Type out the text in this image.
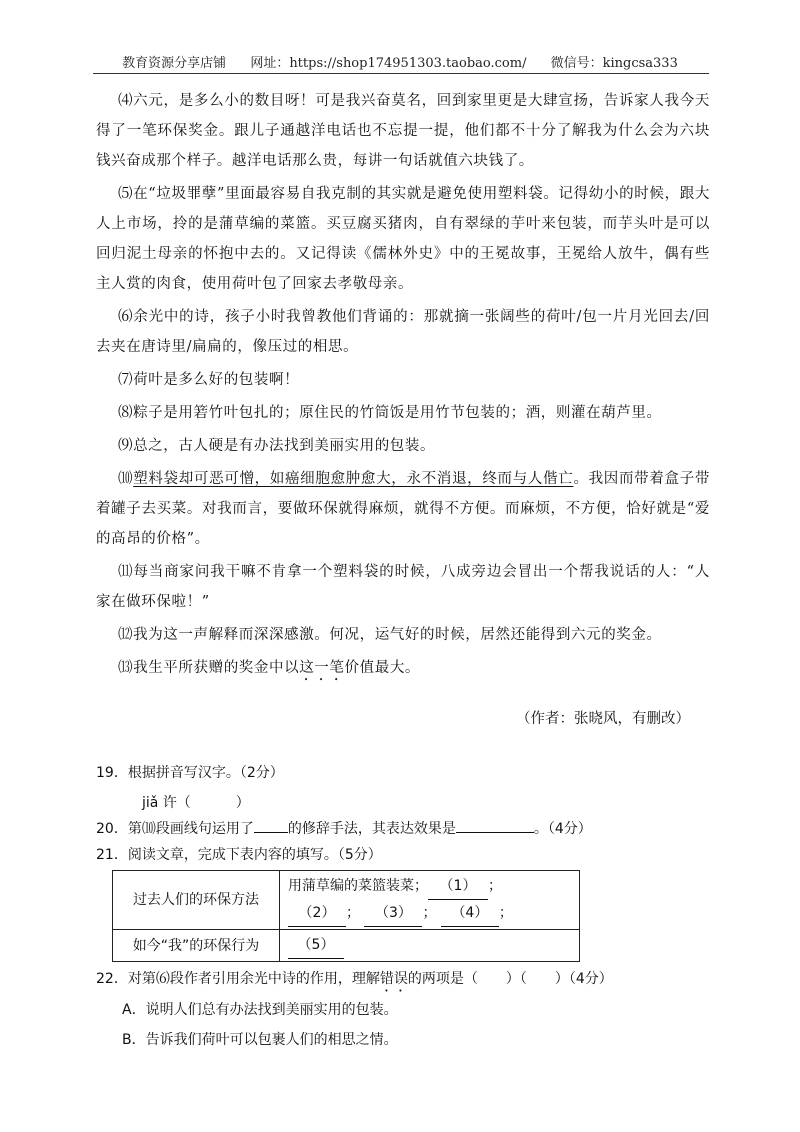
教育资源分享店铺 网址：https://shop174951303.taobao.com/ 微信号：kingcsa333

⑷六元，是多么小的数目呀！可是我兴奋莫名，回到家里更是大肆宣扬，告诉家人我今天得了一笔环保奖金。跟儿子通越洋电话也不忘提一提，他们都不十分了解我为什么会为六块钱兴奋成那个样子。越洋电话那么贵，每讲一句话就值六块钱了。

⑸在“垃圾罪孽”里面最容易自我克制的其实就是避免使用塑料袋。记得幼小的时候，跟大人上市场，拎的是蒲草编的菜篮。买豆腐买猪肉，自有翠绿的芋叶来包装，而芋头叶是可以回归泥土母亲的怀抱中去的。又记得读《儒林外史》中的王冕故事，王冕给人放牛，偶有些主人赏的肉食，使用荷叶包了回家去孝敬母亲。

⑹余光中的诗，孩子小时我曾教他们背诵的：那就摘一张阔些的荷叶/包一片月光回去/回去夹在唐诗里/扁扁的，像压过的相思。

⑺荷叶是多么好的包装啊！

⑻粽子是用箬竹叶包扎的；原住民的竹筒饭是用竹节包装的；酒，则灌在葫芦里。

⑼总之，古人硬是有办法找到美丽实用的包装。

⑽塑料袋却可恶可憎，如癌细胞愈肿愈大，永不消退，终而与人偕亡。我因而带着盒子带着罐子去买菜。对我而言，要做环保就得麻烦，就得不方便。而麻烦，不方便，恰好就是“爱的高昂的价格”。

⑾每当商家问我干嘛不肯拿一个塑料袋的时候，八成旁边会冒出一个帮我说话的人：“人家在做环保啦！”

⑿我为这一声解释而深深感激。何况，运气好的时候，居然还能得到六元的奖金。

⒀我生平所获赠的奖金中以这一笔价值最大。

（作者：张晓风，有删改）

19．根据拼音写汉字。（2分）

jiǎ 许（	）

20．第⑽段画线句运用了 的修辞手法，其表达效果是	。（4分）

21．阅读文章，完成下表内容的填写。（5分）

过去人们的环保方法	用蒲草编的菜篮装菜； （1） ；
（2） ； （3） ； （4） ；
如今“我”的环保行为	（5）

22．对第⑹段作者引用余光中诗的作用，理解错误的两项是（　　）（　　）（4分）

A．说明人们总有办法找到美丽实用的包装。

B．告诉我们荷叶可以包裹人们的相思之情。
